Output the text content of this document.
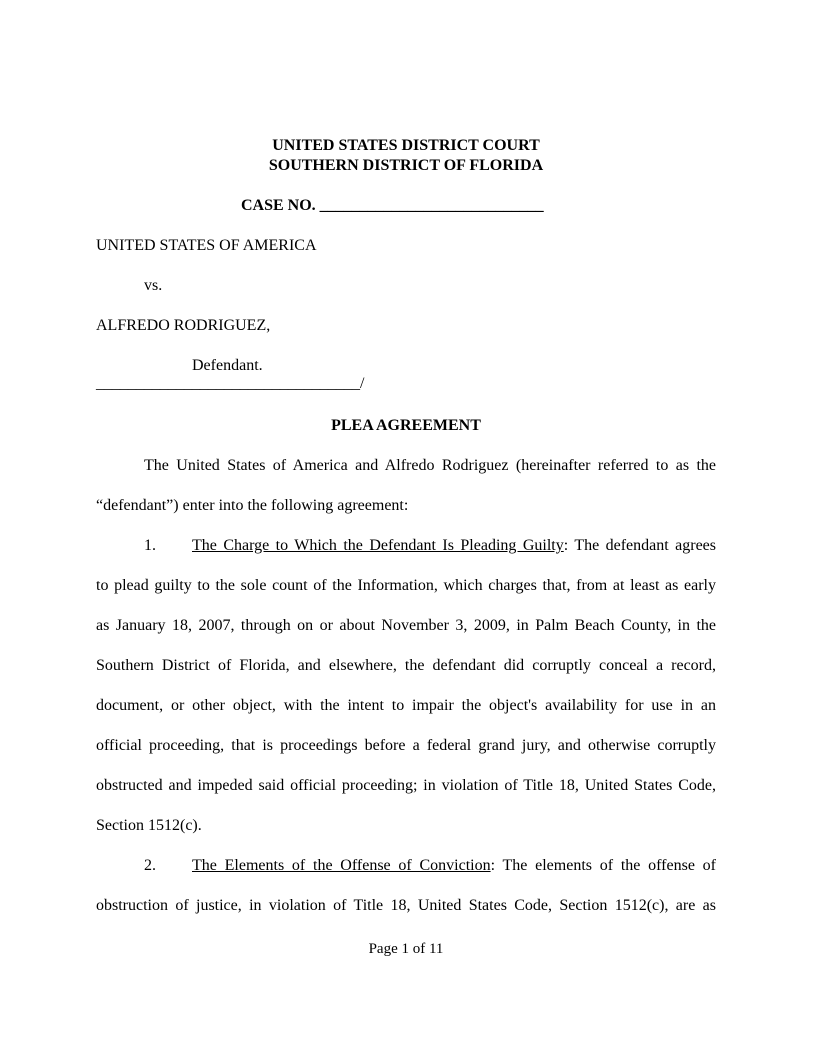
UNITED STATES DISTRICT COURT
SOUTHERN DISTRICT OF FLORIDA
CASE NO. ____________________________
UNITED STATES OF AMERICA
vs.
ALFREDO RODRIGUEZ,
Defendant.
_________________________________/
PLEA AGREEMENT
The United States of America and Alfredo Rodriguez (hereinafter referred to as the
“defendant”) enter into the following agreement:
1. The Charge to Which the Defendant Is Pleading Guilty: The defendant agrees
to plead guilty to the sole count of the Information, which charges that, from at least as early
as January 18, 2007, through on or about November 3, 2009, in Palm Beach County, in the
Southern District of Florida, and elsewhere, the defendant did corruptly conceal a record,
document, or other object, with the intent to impair the object's availability for use in an
official proceeding, that is proceedings before a federal grand jury, and otherwise corruptly
obstructed and impeded said official proceeding; in violation of Title 18, United States Code,
Section 1512(c).
2. The Elements of the Offense of Conviction: The elements of the offense of
obstruction of justice, in violation of Title 18, United States Code, Section 1512(c), are as
Page 1 of 11
